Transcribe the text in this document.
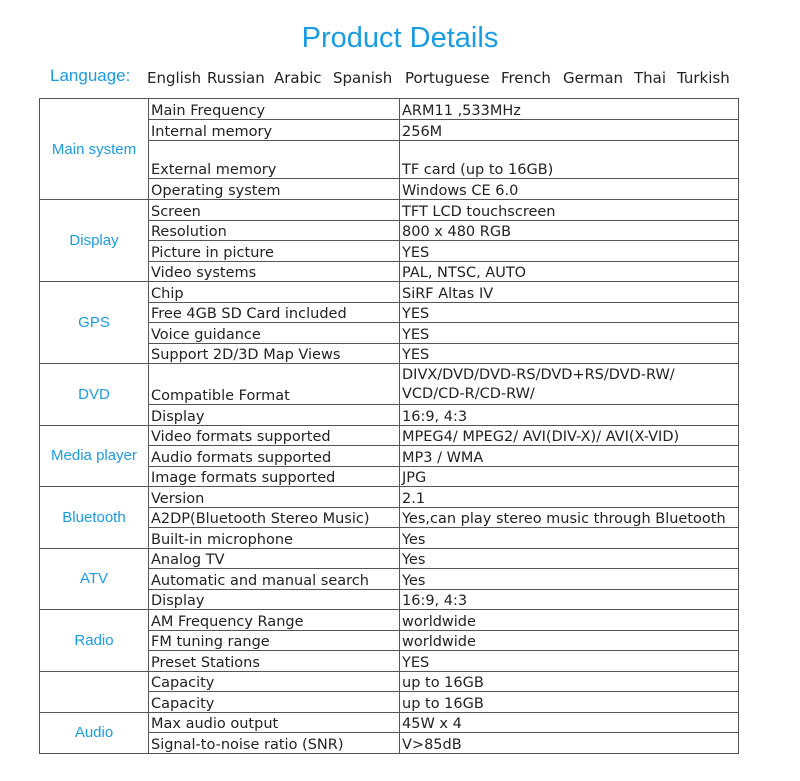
Product Details
Language: English Russian Arabic Spanish Portuguese French German Thai Turkish
Main system	Main Frequency	ARM11 ,533MHz
	Internal memory	256M
	External memory	TF card (up to 16GB)
	Operating system	Windows CE 6.0
Display	Screen	TFT LCD touchscreen
	Resolution	800 x 480 RGB
	Picture in picture	YES
	Video systems	PAL, NTSC, AUTO
GPS	Chip	SiRF Altas IV
	Free 4GB SD Card included	YES
	Voice guidance	YES
	Support 2D/3D Map Views	YES
DVD	Compatible Format	DIVX/DVD/DVD-RS/DVD+RS/DVD-RW/ VCD/CD-R/CD-RW/
	Display	16:9, 4:3
Media player	Video formats supported	MPEG4/ MPEG2/ AVI(DIV-X)/ AVI(X-VID)
	Audio formats supported	MP3 / WMA
	Image formats supported	JPG
Bluetooth	Version	2.1
	A2DP(Bluetooth Stereo Music)	Yes,can play stereo music through Bluetooth
	Built-in microphone	Yes
ATV	Analog TV	Yes
	Automatic and manual search	Yes
	Display	16:9, 4:3
Radio	AM Frequency Range	worldwide
	FM tuning range	worldwide
	Preset Stations	YES
	Capacity	up to 16GB
	Capacity	up to 16GB
Audio	Max audio output	45W x 4
	Signal-to-noise ratio (SNR)	V>85dB
